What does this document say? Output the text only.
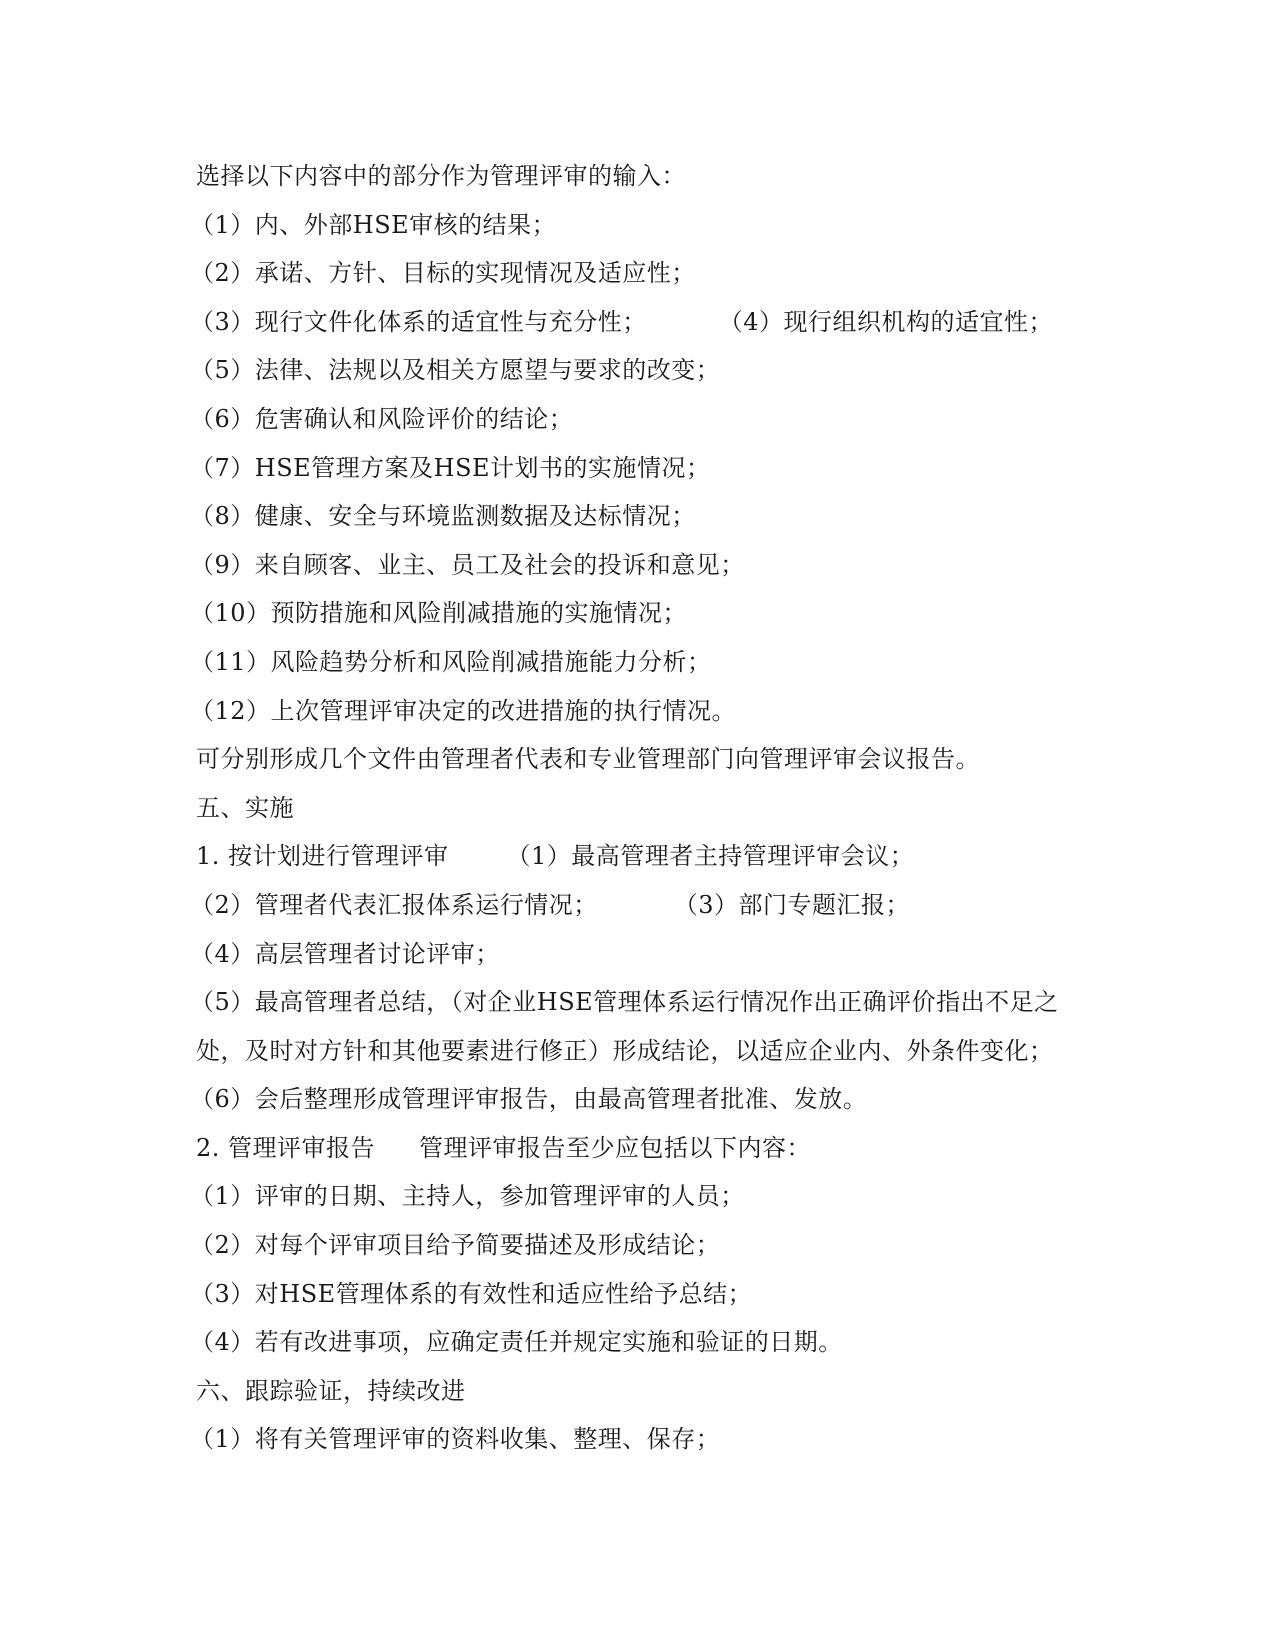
选择以下内容中的部分作为管理评审的输入：
（1）内、外部HSE审核的结果；
（2）承诺、方针、目标的实现情况及适应性；
（3）现行文件化体系的适宜性与充分性；	（4）现行组织机构的适宜性；
（5）法律、法规以及相关方愿望与要求的改变；
（6）危害确认和风险评价的结论；
（7）HSE管理方案及HSE计划书的实施情况；
（8）健康、安全与环境监测数据及达标情况；
（9）来自顾客、业主、员工及社会的投诉和意见；
（10）预防措施和风险削减措施的实施情况；
（11）风险趋势分析和风险削减措施能力分析；
（12）上次管理评审决定的改进措施的执行情况。
可分别形成几个文件由管理者代表和专业管理部门向管理评审会议报告。
五、实施
1. 按计划进行管理评审 （1）最高管理者主持管理评审会议；
（2）管理者代表汇报体系运行情况；	（3）部门专题汇报；
（4）高层管理者讨论评审；
（5）最高管理者总结，（对企业HSE管理体系运行情况作出正确评价指出不足之
处，及时对方针和其他要素进行修正）形成结论，以适应企业内、外条件变化；
（6）会后整理形成管理评审报告，由最高管理者批准、发放。
2. 管理评审报告 管理评审报告至少应包括以下内容：
（1）评审的日期、主持人，参加管理评审的人员；
（2）对每个评审项目给予简要描述及形成结论；
（3）对HSE管理体系的有效性和适应性给予总结；
（4）若有改进事项，应确定责任并规定实施和验证的日期。
六、跟踪验证，持续改进
（1）将有关管理评审的资料收集、整理、保存；
